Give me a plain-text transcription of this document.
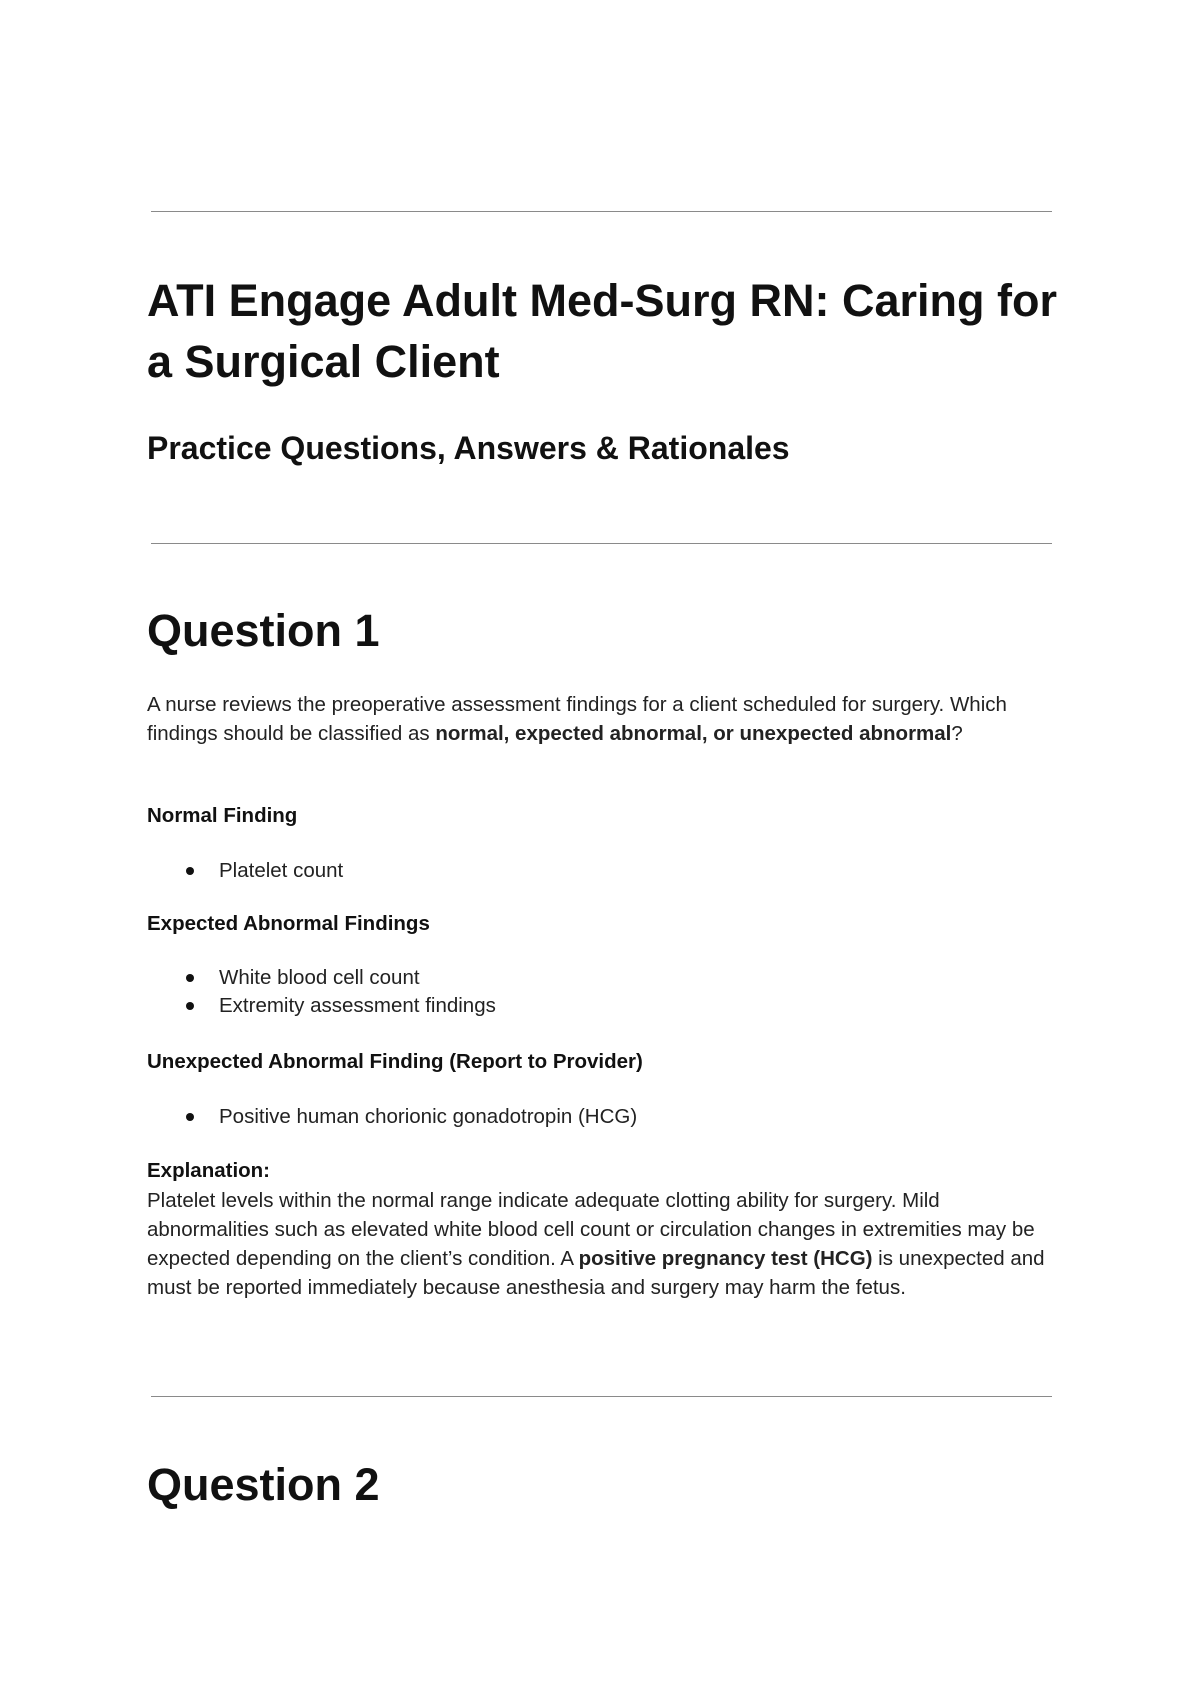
ATI Engage Adult Med-Surg RN: Caring for a Surgical Client
Practice Questions, Answers & Rationales
Question 1

A nurse reviews the preoperative assessment findings for a client scheduled for surgery. Which findings should be classified as normal, expected abnormal, or unexpected abnormal?

Normal Finding

Platelet count

Expected Abnormal Findings

White blood cell count
Extremity assessment findings

Unexpected Abnormal Finding (Report to Provider)

Positive human chorionic gonadotropin (HCG)

Explanation:

Platelet levels within the normal range indicate adequate clotting ability for surgery. Mild abnormalities such as elevated white blood cell count or circulation changes in extremities may be expected depending on the client’s condition. A positive pregnancy test (HCG) is unexpected and must be reported immediately because anesthesia and surgery may harm the fetus.

Question 2
